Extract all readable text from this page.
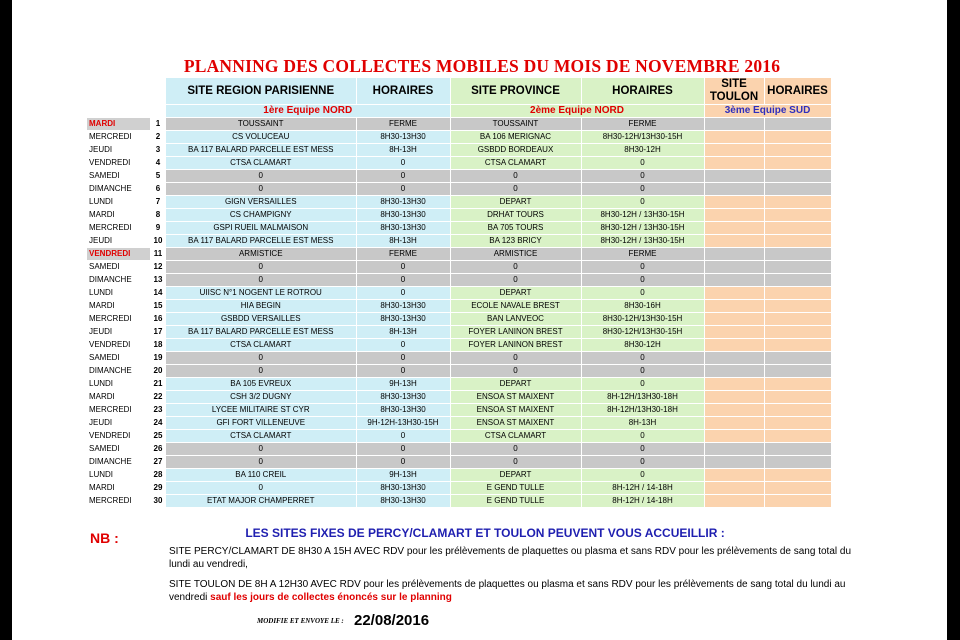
PLANNING DES COLLECTES MOBILES DU MOIS DE NOVEMBRE 2016
		SITE REGION PARISIENNE	HORAIRES	SITE PROVINCE	HORAIRES	SITE TOULON	HORAIRES
		1ère Equipe NORD		2ème Equipe NORD		3ème Equipe SUD	
MARDI	1	TOUSSAINT	FERME	TOUSSAINT	FERME		
MERCREDI	2	CS VOLUCEAU	8H30-13H30	BA 106 MERIGNAC	8H30-12H/13H30-15H		
JEUDI	3	BA 117 BALARD PARCELLE EST MESS	8H-13H	GSBDD BORDEAUX	8H30-12H		
VENDREDI	4	CTSA CLAMART	0	CTSA CLAMART	0		
SAMEDI	5	0	0	0	0		
DIMANCHE	6	0	0	0	0		
LUNDI	7	GIGN VERSAILLES	8H30-13H30	DEPART	0		
MARDI	8	CS CHAMPIGNY	8H30-13H30	DRHAT TOURS	8H30-12H / 13H30-15H		
MERCREDI	9	GSPI RUEIL MALMAISON	8H30-13H30	BA 705 TOURS	8H30-12H / 13H30-15H		
JEUDI	10	BA 117 BALARD PARCELLE EST MESS	8H-13H	BA 123 BRICY	8H30-12H / 13H30-15H		
VENDREDI	11	ARMISTICE	FERME	ARMISTICE	FERME		
SAMEDI	12	0	0	0	0		
DIMANCHE	13	0	0	0	0		
LUNDI	14	UIISC N°1 NOGENT LE ROTROU	0	DEPART	0		
MARDI	15	HIA BEGIN	8H30-13H30	ECOLE NAVALE BREST	8H30-16H		
MERCREDI	16	GSBDD VERSAILLES	8H30-13H30	BAN LANVEOC	8H30-12H/13H30-15H		
JEUDI	17	BA 117 BALARD PARCELLE EST MESS	8H-13H	FOYER LANINON BREST	8H30-12H/13H30-15H		
VENDREDI	18	CTSA CLAMART	0	FOYER LANINON BREST	8H30-12H		
SAMEDI	19	0	0	0	0		
DIMANCHE	20	0	0	0	0		
LUNDI	21	BA 105 EVREUX	9H-13H	DEPART	0		
MARDI	22	CSH 3/2 DUGNY	8H30-13H30	ENSOA ST MAIXENT	8H-12H/13H30-18H		
MERCREDI	23	LYCEE MILITAIRE ST CYR	8H30-13H30	ENSOA ST MAIXENT	8H-12H/13H30-18H		
JEUDI	24	GFI FORT VILLENEUVE	9H-12H-13H30-15H	ENSOA ST MAIXENT	8H-13H		
VENDREDI	25	CTSA CLAMART	0	CTSA CLAMART	0		
SAMEDI	26	0	0	0	0		
DIMANCHE	27	0	0	0	0		
LUNDI	28	BA 110 CREIL	9H-13H	DEPART	0		
MARDI	29	0	8H30-13H30	E GEND TULLE	8H-12H / 14-18H		
MERCREDI	30	ETAT MAJOR CHAMPERRET	8H30-13H30	E GEND TULLE	8H-12H / 14-18H		
NB :	LES SITES FIXES DE PERCY/CLAMART ET TOULON PEUVENT VOUS ACCUEILLIR :
SITE PERCY/CLAMART DE 8H30 A 15H AVEC RDV pour les prélèvements de plaquettes ou plasma et sans RDV pour les prélèvements de sang total du lundi au vendredi,
SITE TOULON DE 8H A 12H30 AVEC RDV pour les prélèvements de plaquettes ou plasma et sans RDV pour les prélèvements de sang total du lundi au vendredi sauf les jours de collectes énoncés sur le planning
MODIFIE ET ENVOYE LE : 22/08/2016
